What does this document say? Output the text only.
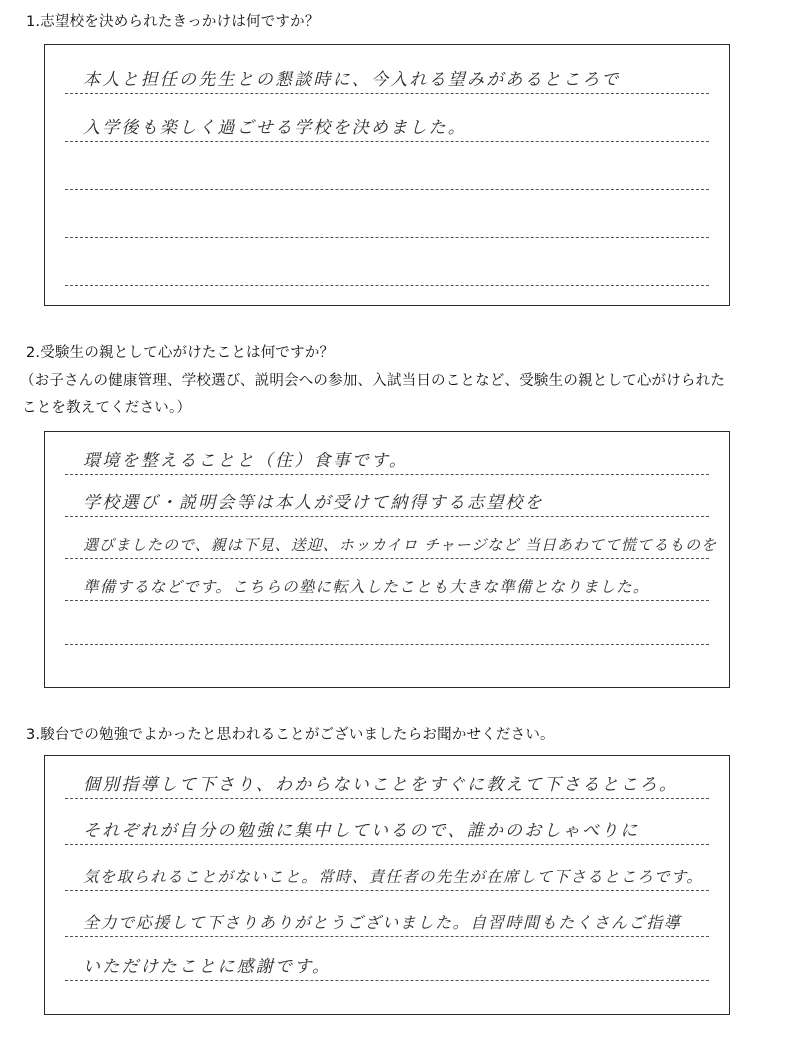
1.志望校を決められたきっかけは何ですか？
本人と担任の先生との懇談時に、今入れる望みがあるところで
入学後も楽しく過ごせる学校を決めました。
2.受験生の親として心がけたことは何ですか？

（お子さんの健康管理、学校選び、説明会への参加、入試当日のことなど、受験生の親として心がけられた

ことを教えてください。）

環境を整えることと（住）食事です。
学校選び・説明会等は本人が受けて納得する志望校を
選びましたので、親は下見、送迎、ホッカイロ チャージなど 当日あわてて慌てるものを
準備するなどです。こちらの塾に転入したことも大きな準備となりました。
3.駿台での勉強でよかったと思われることがございましたらお聞かせください。
個別指導して下さり、わからないことをすぐに教えて下さるところ。
それぞれが自分の勉強に集中しているので、誰かのおしゃべりに
気を取られることがないこと。常時、責任者の先生が在席して下さるところです。
全力で応援して下さりありがとうございました。自習時間もたくさんご指導
いただけたことに感謝です。
